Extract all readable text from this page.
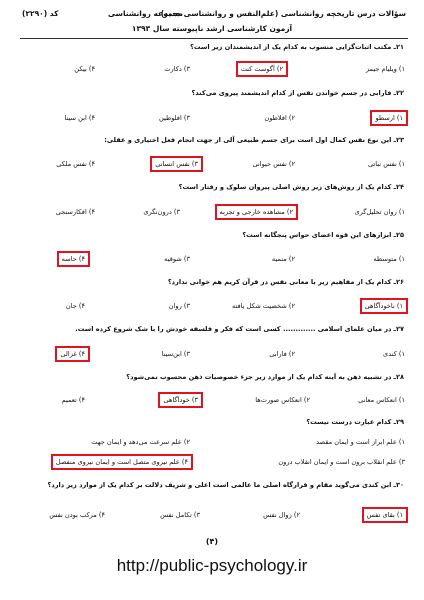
سؤالات درس تاریخچه روانشناسی (علم‌النفس و روانشناسی جدید)
مجموعه روانشناسی
کد (۲۲۹۰)
آزمون کارشناسی ارشد ناپیوسته سال ۱۳۹۳
۲۱ـ مکتب اثبات‌گرایی منسوب به کدام یک از اندیشمندان زیر است؟
۱) ویلیام جیمز
۲) آگوست کنت
۳) دکارت
۴) بیکن
۲۲ـ فارابی در جسم خواندن نفس از کدام اندیشمند پیروی می‌کند؟
۱) ارسطو
۲) افلاطون
۳) افلوطین
۴) ابن سینا
۲۳ـ این نوع نفس کمال اول است برای جسم طبیعی آلی از جهت انجام فعل اختیاری و عقلی:
۱) نفس نباتی
۲) نفس حیوانی
۳) نفس انسانی
۴) نفس ملکی
۲۴ـ کدام یک از روش‌های زیر روش اصلی پیروان سلوک و رفتار است؟
۱) روان تحلیل‌گری
۲) مشاهده خارجی و تجربه
۳) درون‌نگری
۴) افکارسنجی
۲۵ـ ابزارهای این قوه اعضای حواس پنجگانه است؟
۱) متوسطه
۲) منمیه
۳) شوقیه
۴) حاسه
۲۶ـ کدام یک از مفاهیم زیر با معانی نفس در قرآن کریم هم خوانی ندارد؟
۱) ناخودآگاهی
۲) شخصیت شکل یافته
۳) روان
۴) جان
۲۷ـ در میان علمای اسلامی ............. کسی است که فکر و فلسفه خودش را با شک شروع کرده است.
۱) کندی
۲) فارابی
۳) ابن‌سینا
۴) غزالی
۲۸ـ در تشبیه ذهن به آینه کدام یک از موارد زیر جزء خصوصیات ذهن محسوب نمی‌شود؟
۱) انعکاس معانی
۲) انعکاس صورت‌ها
۳) خودآگاهی
۴) تعمیم
۲۹ـ کدام عبارت درست نیست؟
۱) علم ابراز است و ایمان مقصد
۲) علم سرعت می‌دهد و ایمان جهت
۳) علم انقلاب برون است و ایمان انقلاب درون
۴) علم نیروی متصل است و ایمان نیروی منفصل
۳۰ـ ابن کندی می‌گوید مقام و قرارگاه اصلی ما عالمی است اعلی و شریف دلالت بر کدام یک از موارد زیر دارد؟
۱) بقای نفس
۲) زوال نفس
۳) تکامل نفس
۴) مرکب بودن نفس
(۴)
http://public-psychology.ir
